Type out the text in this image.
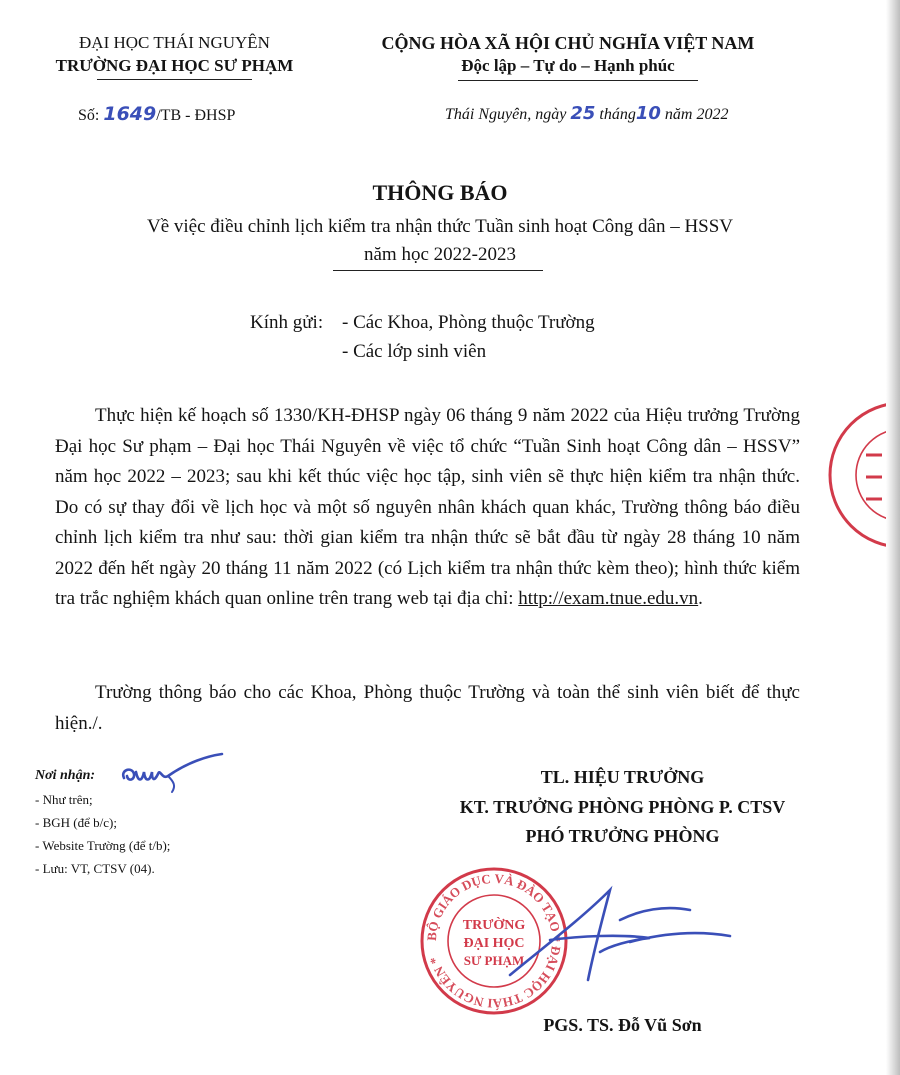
ĐẠI HỌC THÁI NGUYÊN
TRƯỜNG ĐẠI HỌC SƯ PHẠM
CỘNG HÒA XÃ HỘI CHỦ NGHĨA VIỆT NAM
Độc lập – Tự do – Hạnh phúc
Số: 1649/TB - ĐHSP	Thái Nguyên, ngày 25 tháng10 năm 2022
THÔNG BÁO
Về việc điều chỉnh lịch kiểm tra nhận thức Tuần sinh hoạt Công dân – HSSV
năm học 2022-2023
Kính gửi: - Các Khoa, Phòng thuộc Trường
- Các lớp sinh viên
Thực hiện kế hoạch số 1330/KH-ĐHSP ngày 06 tháng 9 năm 2022 của Hiệu trưởng Trường Đại học Sư phạm – Đại học Thái Nguyên về việc tổ chức “Tuần Sinh hoạt Công dân – HSSV” năm học 2022 – 2023; sau khi kết thúc việc học tập, sinh viên sẽ thực hiện kiểm tra nhận thức. Do có sự thay đổi về lịch học và một số nguyên nhân khách quan khác, Trường thông báo điều chỉnh lịch kiểm tra như sau: thời gian kiểm tra nhận thức sẽ bắt đầu từ ngày 28 tháng 10 năm 2022 đến hết ngày 20 tháng 11 năm 2022 (có Lịch kiểm tra nhận thức kèm theo); hình thức kiểm tra trắc nghiệm khách quan online trên trang web tại địa chỉ: http://exam.tnue.edu.vn.
Trường thông báo cho các Khoa, Phòng thuộc Trường và toàn thể sinh viên biết để thực hiện./.
Nơi nhận:
- Như trên;
- BGH (để b/c);
- Website Trường (để t/b);
- Lưu: VT, CTSV (04).
TL. HIỆU TRƯỞNG
KT. TRƯỞNG PHÒNG PHÒNG P. CTSV
PHÓ TRƯỞNG PHÒNG
BỘ GIÁO DỤC VÀ ĐÀO TẠO * ĐẠI HỌC THÁI NGUYÊN *
TRƯỜNG
ĐẠI HỌC
SƯ PHẠM
PGS. TS. Đỗ Vũ Sơn
